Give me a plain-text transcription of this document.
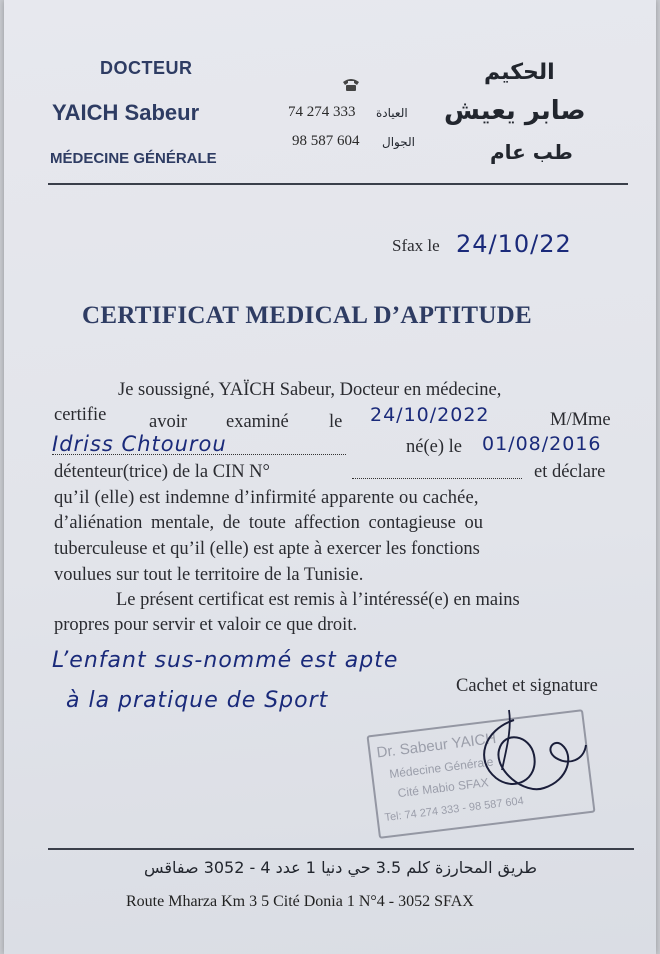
DOCTEUR
YAICH Sabeur
MÉDECINE GÉNÉRALE
74 274 333 العيادة
98 587 604 الجوال
الحكيم
صابر يعيش
طب عام
Sfax le 24/10/22
CERTIFICAT MEDICAL D’APTITUDE
Je soussigné, YAÏCH Sabeur, Docteur en médecine,
certifie avoir examiné le 24/10/2022	M/Mme
Idriss Chtourou	né(e) le 01/08/2016
détenteur(trice) de la CIN N°	et déclare
qu’il (elle) est indemne d’infirmité apparente ou cachée,
d’aliénation mentale, de toute affection contagieuse ou
tuberculeuse et qu’il (elle) est apte à exercer les fonctions
voulues sur tout le territoire de la Tunisie.
Le présent certificat est remis à l’intéressé(e) en mains
propres pour servir et valoir ce que droit.
L’enfant sus-nommé est apte
à la pratique de Sport
Cachet et signature
Dr. Sabeur YAICH
Médecine Générale
Cité Mabio SFAX
Tel: 74 274 333 - 98 587 604
طريق المحارزة كلم 3.5 حي دنيا 1 عدد 4 - 3052 صفاقس
Route Mharza Km 3 5 Cité Donia 1 N°4 - 3052 SFAX
